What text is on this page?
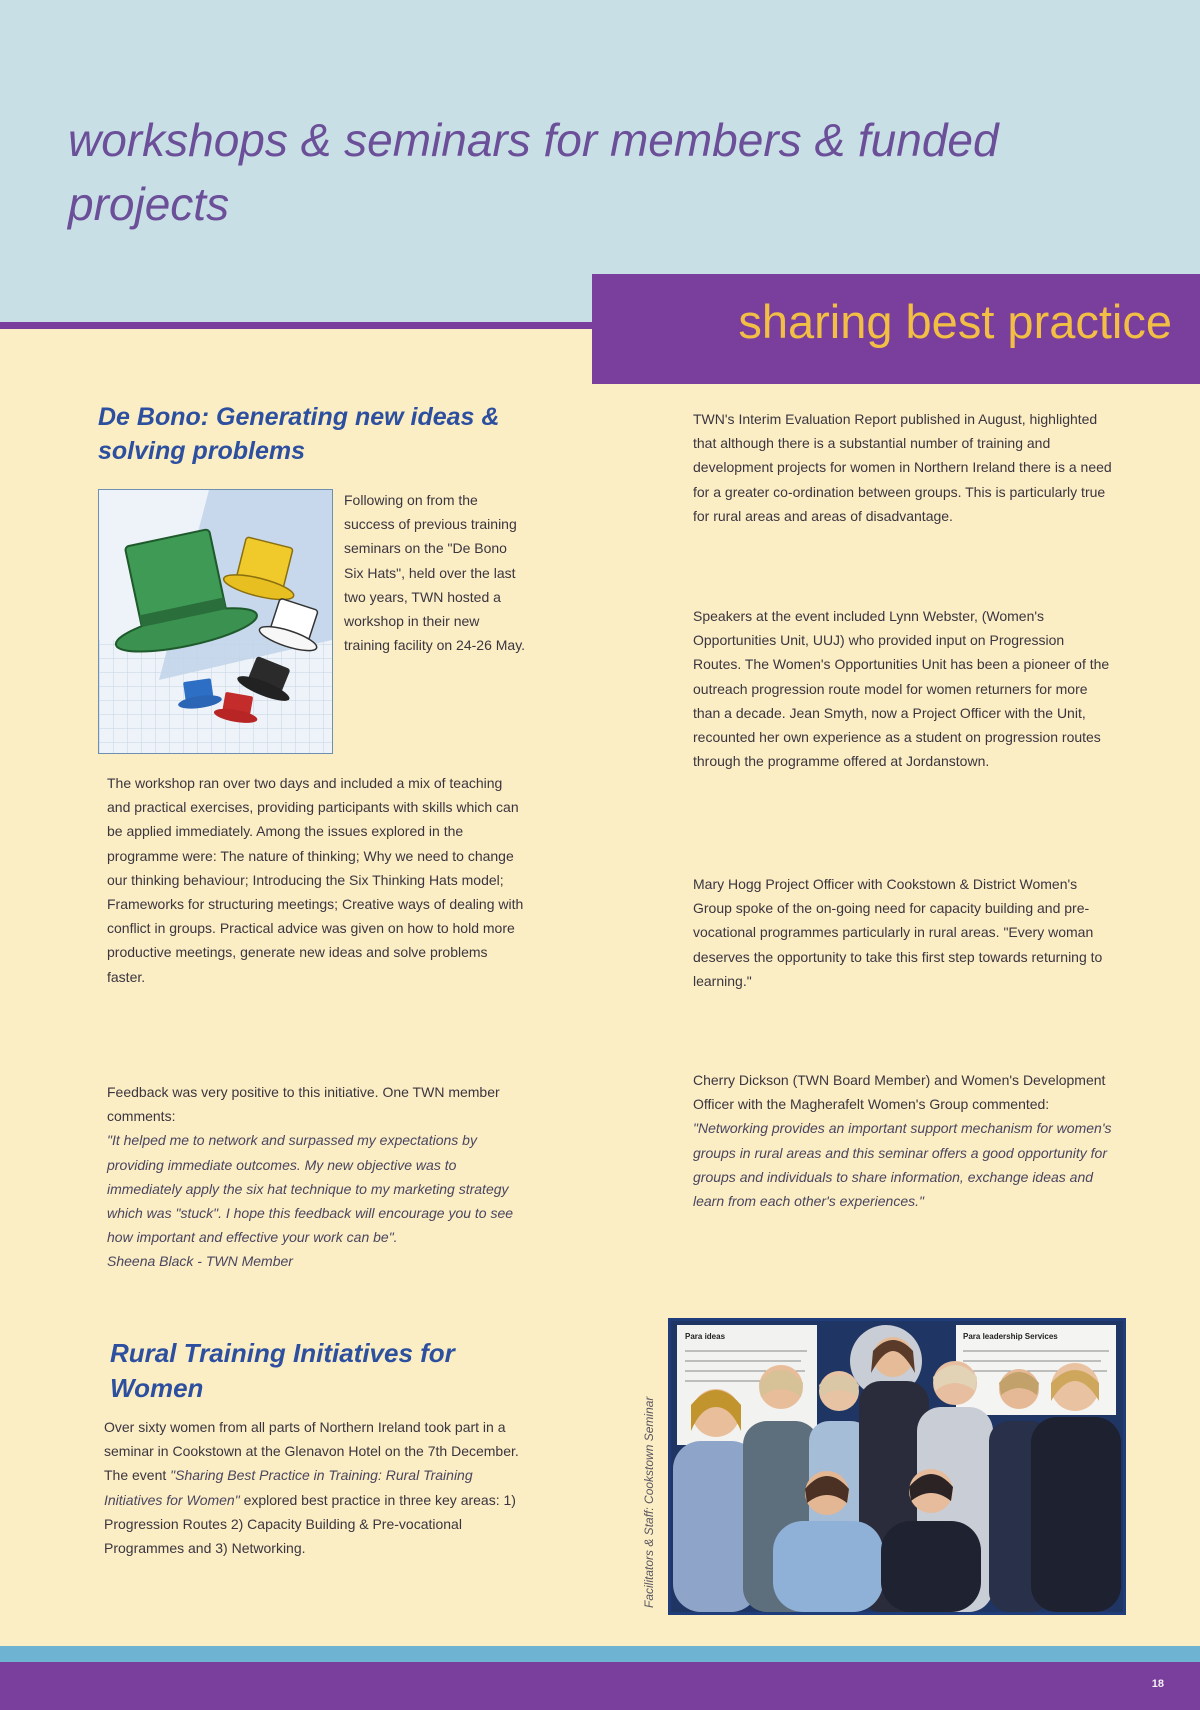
workshops & seminars for members & funded projects
sharing best practice
De Bono: Generating new ideas & solving problems

Following on from the success of previous training seminars on the "De Bono Six Hats", held over the last two years, TWN hosted a workshop in their new training facility on 24-26 May.

The workshop ran over two days and included a mix of teaching and practical exercises, providing participants with skills which can be applied immediately. Among the issues explored in the programme were: The nature of thinking; Why we need to change our thinking behaviour; Introducing the Six Thinking Hats model; Frameworks for structuring meetings; Creative ways of dealing with conflict in groups. Practical advice was given on how to hold more productive meetings, generate new ideas and solve problems faster.

Feedback was very positive to this initiative. One TWN member comments:
"It helped me to network and surpassed my expectations by providing immediate outcomes. My new objective was to immediately apply the six hat technique to my marketing strategy which was "stuck". I hope this feedback will encourage you to see how important and effective your work can be".
Sheena Black - TWN Member

Rural Training Initiatives for Women

Over sixty women from all parts of Northern Ireland took part in a seminar in Cookstown at the Glenavon Hotel on the 7th December. The event "Sharing Best Practice in Training: Rural Training Initiatives for Women" explored best practice in three key areas: 1) Progression Routes 2) Capacity Building & Pre-vocational Programmes and 3) Networking.

TWN's Interim Evaluation Report published in August, highlighted that although there is a substantial number of training and development projects for women in Northern Ireland there is a need for a greater co-ordination between groups. This is particularly true for rural areas and areas of disadvantage.

Speakers at the event included Lynn Webster, (Women's Opportunities Unit, UUJ) who provided input on Progression Routes. The Women's Opportunities Unit has been a pioneer of the outreach progression route model for women returners for more than a decade. Jean Smyth, now a Project Officer with the Unit, recounted her own experience as a student on progression routes through the programme offered at Jordanstown.

Mary Hogg Project Officer with Cookstown & District Women's Group spoke of the on-going need for capacity building and pre-vocational programmes particularly in rural areas. "Every woman deserves the opportunity to take this first step towards returning to learning."

Cherry Dickson (TWN Board Member) and Women's Development Officer with the Magherafelt Women's Group commented:
"Networking provides an important support mechanism for women's groups in rural areas and this seminar offers a good opportunity for groups and individuals to share information, exchange ideas and learn from each other's experiences."

Facilitators & Staff: Cookstown Seminar
Para ideas	Para leadership Services
18
